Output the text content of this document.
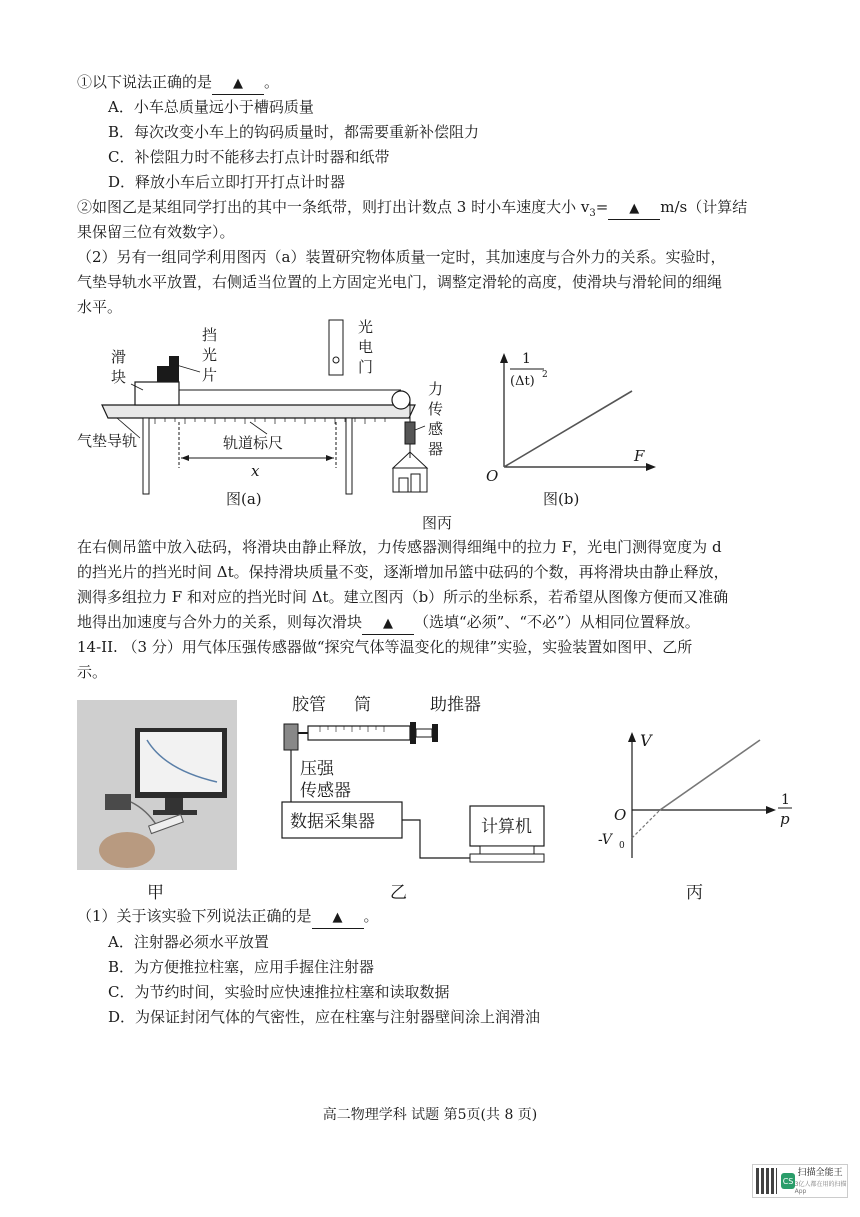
①以下说法正确的是 ▲ 。
A．小车总质量远小于槽码质量
B．每次改变小车上的钩码质量时，都需要重新补偿阻力
C．补偿阻力时不能移去打点计时器和纸带
D．释放小车后立即打开打点计时器
②如图乙是某组同学打出的其中一条纸带，则打出计数点 3 时小车速度大小 $v_3=$ ▲ m/s（计算结
果保留三位有效数字）。
（2）另有一组同学利用图丙（a）装置研究物体质量一定时，其加速度与合外力的关系。实验时，
气垫导轨水平放置，右侧适当位置的上方固定光电门，调整定滑轮的高度，使滑块与滑轮间的细绳
水平。
滑
块
挡
光
片
光
电
门
力
传
感
器
气垫导轨	轨道标尺
x
图(a)
1
(Δt) 2
F
O
图(b)
图丙
在右侧吊篮中放入砝码，将滑块由静止释放，力传感器测得细绳中的拉力 F，光电门测得宽度为 d
的挡光片的挡光时间 Δt。保持滑块质量不变，逐渐增加吊篮中砝码的个数，再将滑块由静止释放，
测得多组拉力 F 和对应的挡光时间 Δt。建立图丙（b）所示的坐标系，若希望从图像方便而又准确
地得出加速度与合外力的关系，则每次滑块 ▲ （选填“必须”、“不必”）从相同位置释放。
14-II. （3 分）用气体压强传感器做“探究气体等温变化的规律”实验，实验装置如图甲、乙所
示。
胶管 筒	助推器
压强
传感器
数据采集器	计算机
V
1
p
O
-V 0
甲	乙	丙
（1）关于该实验下列说法正确的是 ▲ 。
A．注射器必须水平放置
B．为方便推拉柱塞，应用手握住注射器
C．为节约时间，实验时应快速推拉柱塞和读取数据
D．为保证封闭气体的气密性，应在柱塞与注射器壁间涂上润滑油
高二物理学科 试题 第5页(共 8 页)
CS
扫描全能王
3亿人都在用的扫描App
